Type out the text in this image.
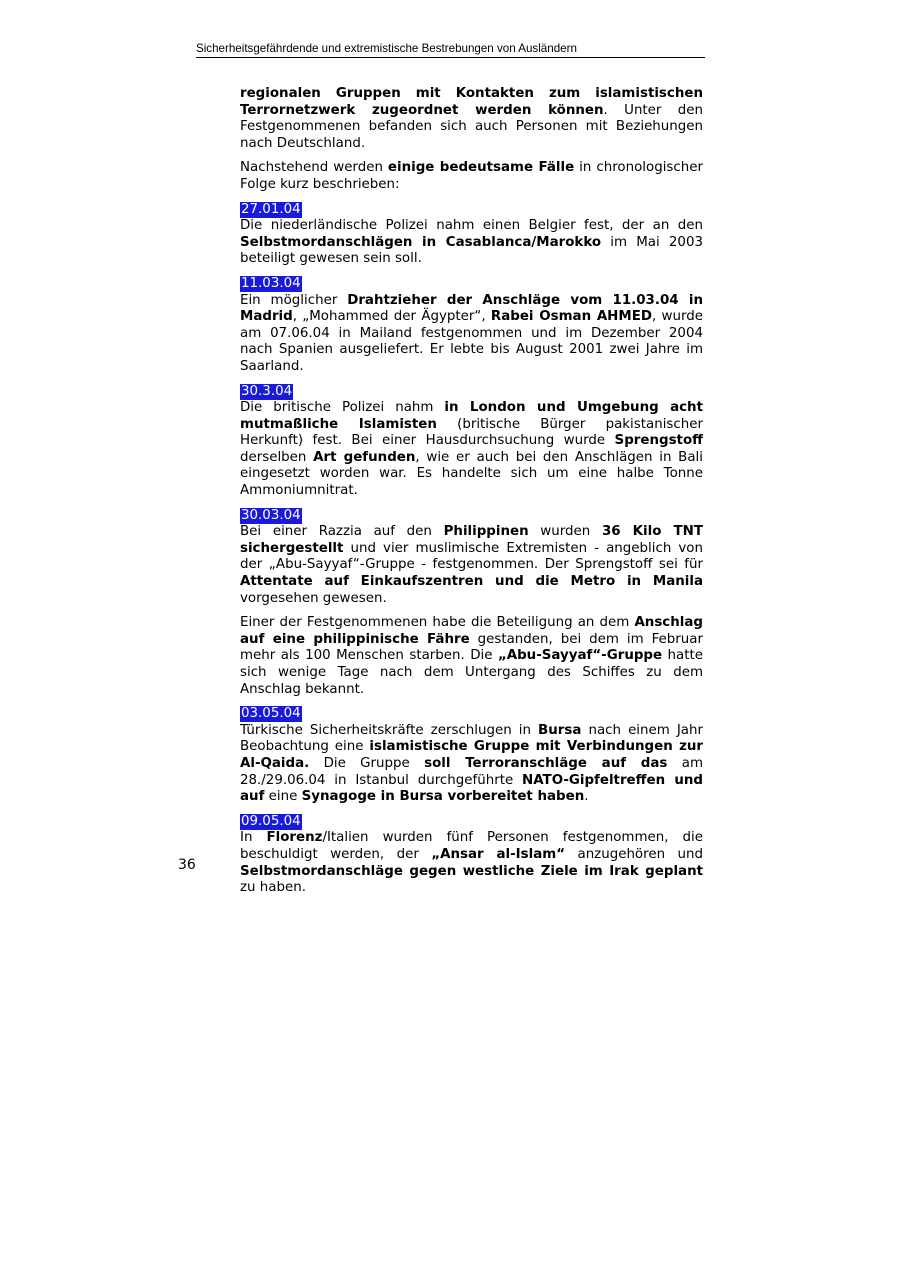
Sicherheitsgefährdende und extremistische Bestrebungen von Ausländern

regionalen Gruppen mit Kontakten zum islamistischen Terrornetzwerk zugeordnet werden können. Unter den Festgenommenen befanden sich auch Personen mit Beziehungen nach Deutschland.

Nachstehend werden einige bedeutsame Fälle in chronologischer Folge kurz beschrieben:

27.01.04
Die niederländische Polizei nahm einen Belgier fest, der an den Selbstmordanschlägen in Casablanca/Marokko im Mai 2003 beteiligt gewesen sein soll.

11.03.04
Ein möglicher Drahtzieher der Anschläge vom 11.03.04 in Madrid, „Mohammed der Ägypter“, Rabei Osman AHMED, wurde am 07.06.04 in Mailand festgenommen und im Dezember 2004 nach Spanien ausgeliefert. Er lebte bis August 2001 zwei Jahre im Saarland.

30.3.04
Die britische Polizei nahm in London und Umgebung acht mutmaßliche Islamisten (britische Bürger pakistanischer Herkunft) fest. Bei einer Hausdurchsuchung wurde Sprengstoff derselben Art gefunden, wie er auch bei den Anschlägen in Bali eingesetzt worden war. Es handelte sich um eine halbe Tonne Ammoniumnitrat.

30.03.04
Bei einer Razzia auf den Philippinen wurden 36 Kilo TNT sichergestellt und vier muslimische Extremisten - angeblich von der „Abu-Sayyaf“-Gruppe - festgenommen. Der Sprengstoff sei für Attentate auf Einkaufszentren und die Metro in Manila vorgesehen gewesen.

Einer der Festgenommenen habe die Beteiligung an dem Anschlag auf eine philippinische Fähre gestanden, bei dem im Februar mehr als 100 Menschen starben. Die „Abu-Sayyaf“-Gruppe hatte sich wenige Tage nach dem Untergang des Schiffes zu dem Anschlag bekannt.

03.05.04
Türkische Sicherheitskräfte zerschlugen in Bursa nach einem Jahr Beobachtung eine islamistische Gruppe mit Verbindungen zur Al-Qaida. Die Gruppe soll Terroranschläge auf das am 28./29.06.04 in Istanbul durchgeführte NATO-Gipfeltreffen und auf eine Synagoge in Bursa vorbereitet haben.

09.05.04
In Florenz/Italien wurden fünf Personen festgenommen, die beschuldigt werden, der „Ansar al-Islam“ anzugehören und Selbstmordanschläge gegen westliche Ziele im Irak geplant zu haben.

36
